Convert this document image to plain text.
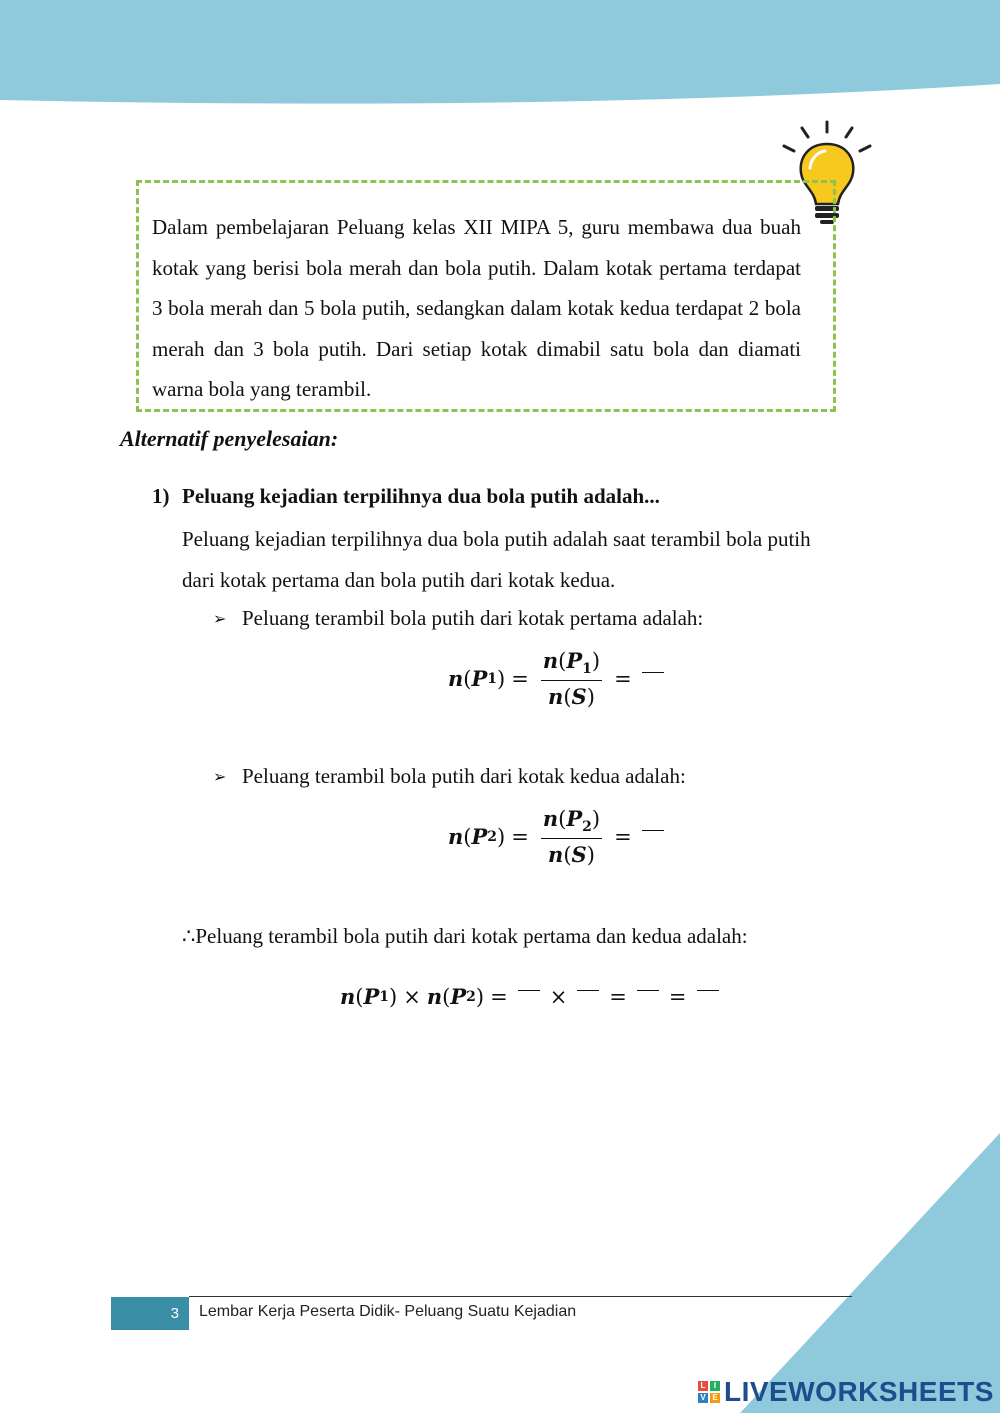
Dalam pembelajaran Peluang kelas XII MIPA 5, guru membawa dua buah kotak yang berisi bola merah dan bola putih. Dalam kotak pertama terdapat 3 bola merah dan 5 bola putih, sedangkan dalam kotak kedua terdapat 2 bola merah dan 3 bola putih. Dari setiap kotak dimabil satu bola dan diamati warna bola yang terambil.

Alternatif penyelesaian:
1) Peluang kejadian terpilihnya dua bola putih adalah...

Peluang kejadian terpilihnya dua bola putih adalah saat terambil bola putih dari kotak pertama dan bola putih dari kotak kedua.

➢ Peluang terambil bola putih dari kotak pertama adalah:
n ( P 1 ) = $\frac{n(P_1)}{n(S)}$ =
➢ Peluang terambil bola putih dari kotak kedua adalah:
n ( P 2 ) = $\frac{n(P_2)}{n(S)}$ =
∴Peluang terambil bola putih dari kotak pertama dan kedua adalah:
n ( P 1 ) × n ( P 2 ) = × = =
3	Lembar Kerja Peserta Didik- Peluang Suatu Kejadian
L	I
V E LIVEWORKSHEETS
